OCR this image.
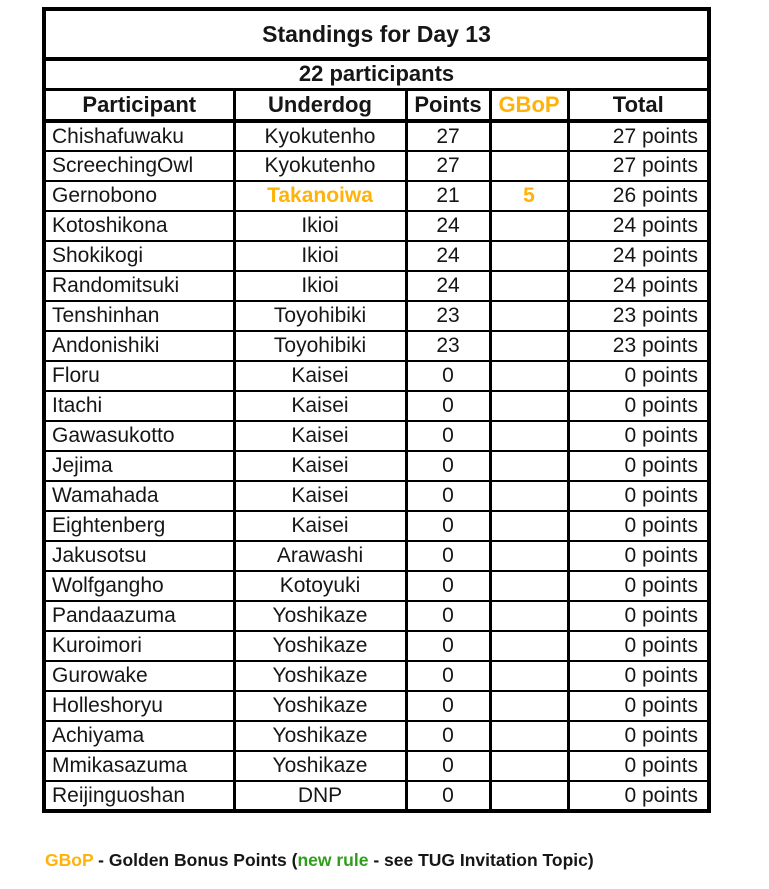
Standings for Day 13				
22 participants				
Participant	Underdog	Points	GBoP	Total
Chishafuwaku	Kyokutenho	27		27 points
ScreechingOwl	Kyokutenho	27		27 points
Gernobono	Takanoiwa	21	5	26 points
Kotoshikona	Ikioi	24		24 points
Shokikogi	Ikioi	24		24 points
Randomitsuki	Ikioi	24		24 points
Tenshinhan	Toyohibiki	23		23 points
Andonishiki	Toyohibiki	23		23 points
Floru	Kaisei	0		0 points
Itachi	Kaisei	0		0 points
Gawasukotto	Kaisei	0		0 points
Jejima	Kaisei	0		0 points
Wamahada	Kaisei	0		0 points
Eightenberg	Kaisei	0		0 points
Jakusotsu	Arawashi	0		0 points
Wolfgangho	Kotoyuki	0		0 points
Pandaazuma	Yoshikaze	0		0 points
Kuroimori	Yoshikaze	0		0 points
Gurowake	Yoshikaze	0		0 points
Holleshoryu	Yoshikaze	0		0 points
Achiyama	Yoshikaze	0		0 points
Mmikasazuma	Yoshikaze	0		0 points
Reijinguoshan	DNP	0		0 points
GBoP - Golden Bonus Points (new rule - see TUG Invitation Topic)
